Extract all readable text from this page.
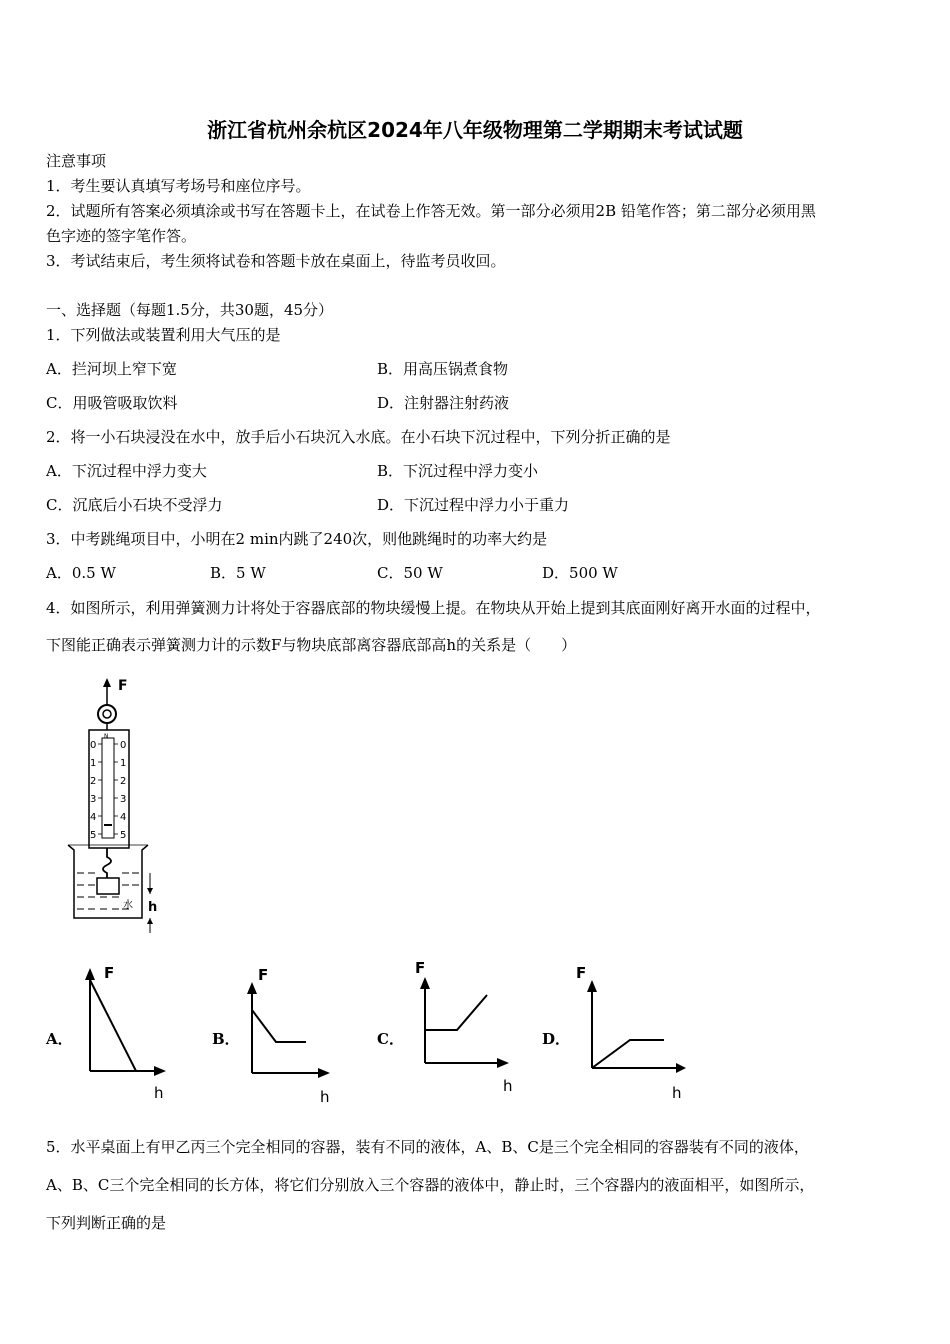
浙江省杭州余杭区2024年八年级物理第二学期期末考试试题
注意事项
1．考生要认真填写考场号和座位序号。
2．试题所有答案必须填涂或书写在答题卡上，在试卷上作答无效。第一部分必须用2B 铅笔作答；第二部分必须用黑
色字迹的签字笔作答。
3．考试结束后，考生须将试卷和答题卡放在桌面上，待监考员收回。
一、选择题（每题1.5分，共30题，45分）
1．下列做法或装置利用大气压的是
A．拦河坝上窄下宽	B．用高压锅煮食物
C．用吸管吸取饮料	D．注射器注射药液
2．将一小石块浸没在水中，放手后小石块沉入水底。在小石块下沉过程中，下列分折正确的是
A．下沉过程中浮力变大	B．下沉过程中浮力变小
C．沉底后小石块不受浮力	D．下沉过程中浮力小于重力
3．中考跳绳项目中，小明在2 min内跳了240次，则他跳绳时的功率大约是
A．0.5 W	B．5 W	C．50 W	D．500 W
4．如图所示，利用弹簧测力计将处于容器底部的物块缓慢上提。在物块从开始上提到其底面刚好离开水面的过程中，
下图能正确表示弹簧测力计的示数F与物块底部离容器底部高h的关系是（　　）
F
N
0
1
2
3
4
5
0
1
2
3
4
5
水 h
A．
F
h
B．
F
h
C．
F
h
D．
F
h
5．水平桌面上有甲乙丙三个完全相同的容器，装有不同的液体，A、B、C是三个完全相同的容器装有不同的液体，
A、B、C三个完全相同的长方体，将它们分别放入三个容器的液体中，静止时，三个容器内的液面相平，如图所示，
下列判断正确的是
